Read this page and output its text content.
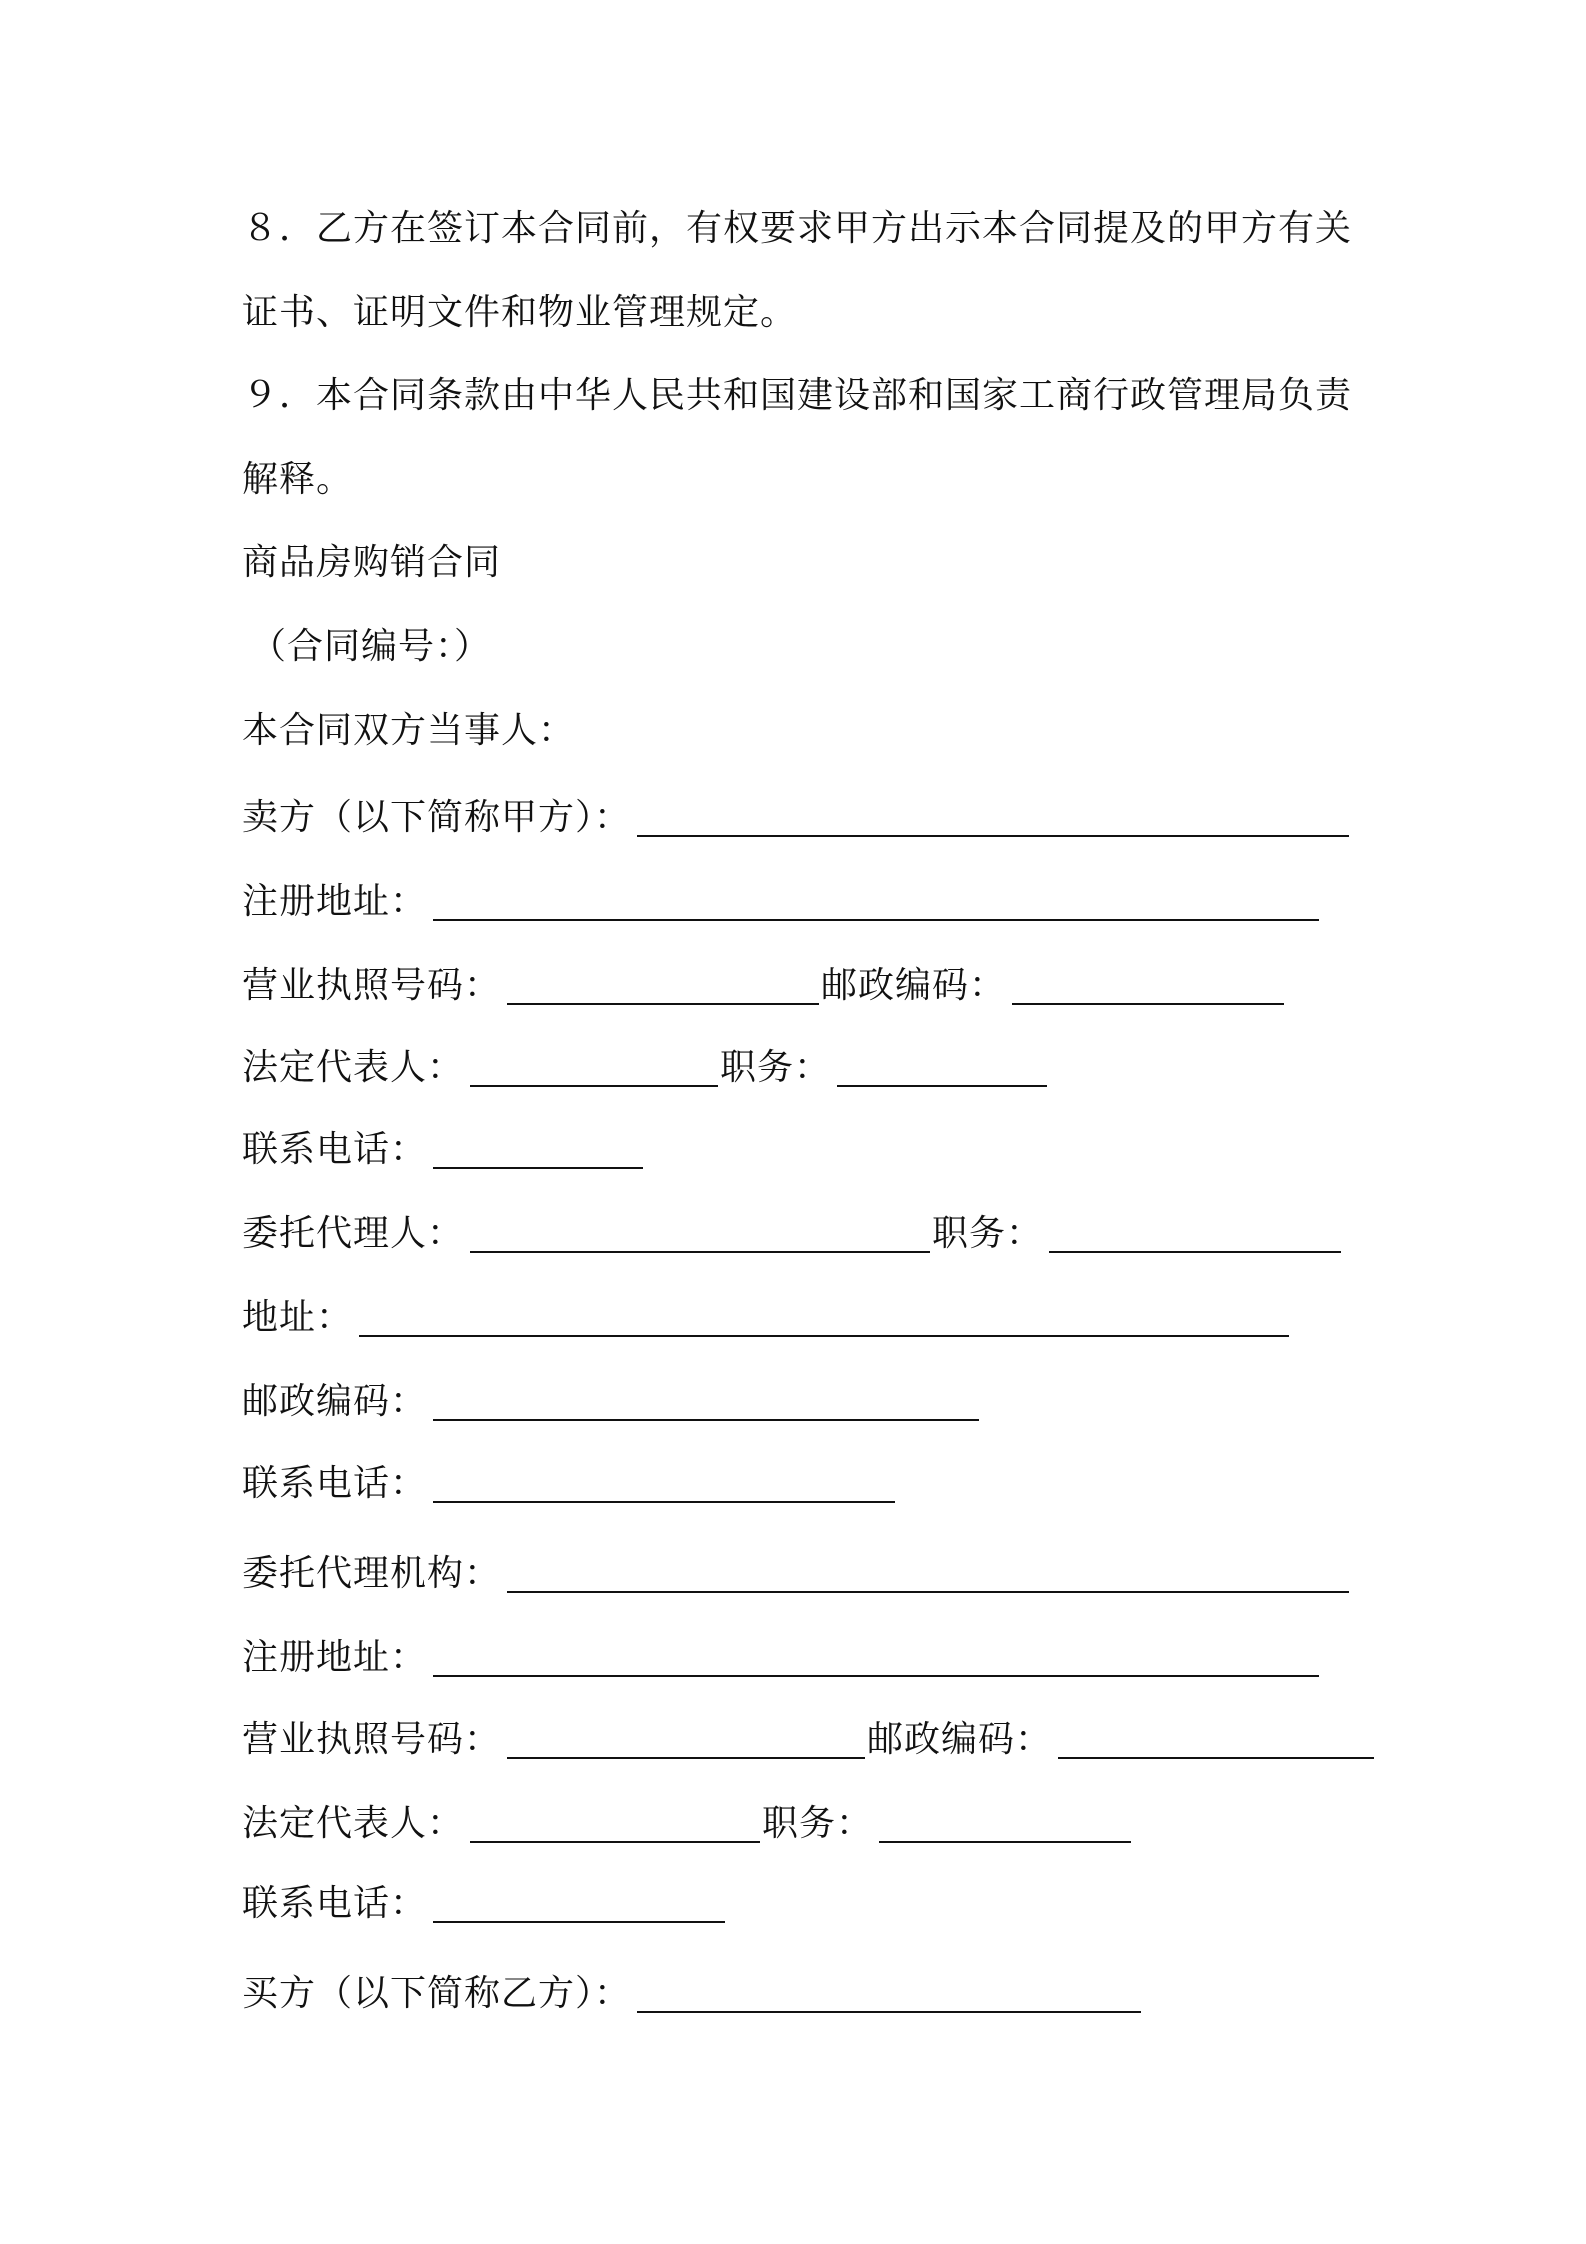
８．乙方在签订本合同前，有权要求甲方出示本合同提及的甲方有关
证书、证明文件和物业管理规定。
９．本合同条款由中华人民共和国建设部和国家工商行政管理局负责
解释。
商品房购销合同
（合同编号：）
本合同双方当事人：
卖方（以下简称甲方）：
注册地址：
营业执照号码：	邮政编码：
法定代表人：	职务：
联系电话：
委托代理人：	职务：
地址：
邮政编码：
联系电话：
委托代理机构：
注册地址：
营业执照号码：	邮政编码：
法定代表人：	职务：
联系电话：
买方（以下简称乙方）：
